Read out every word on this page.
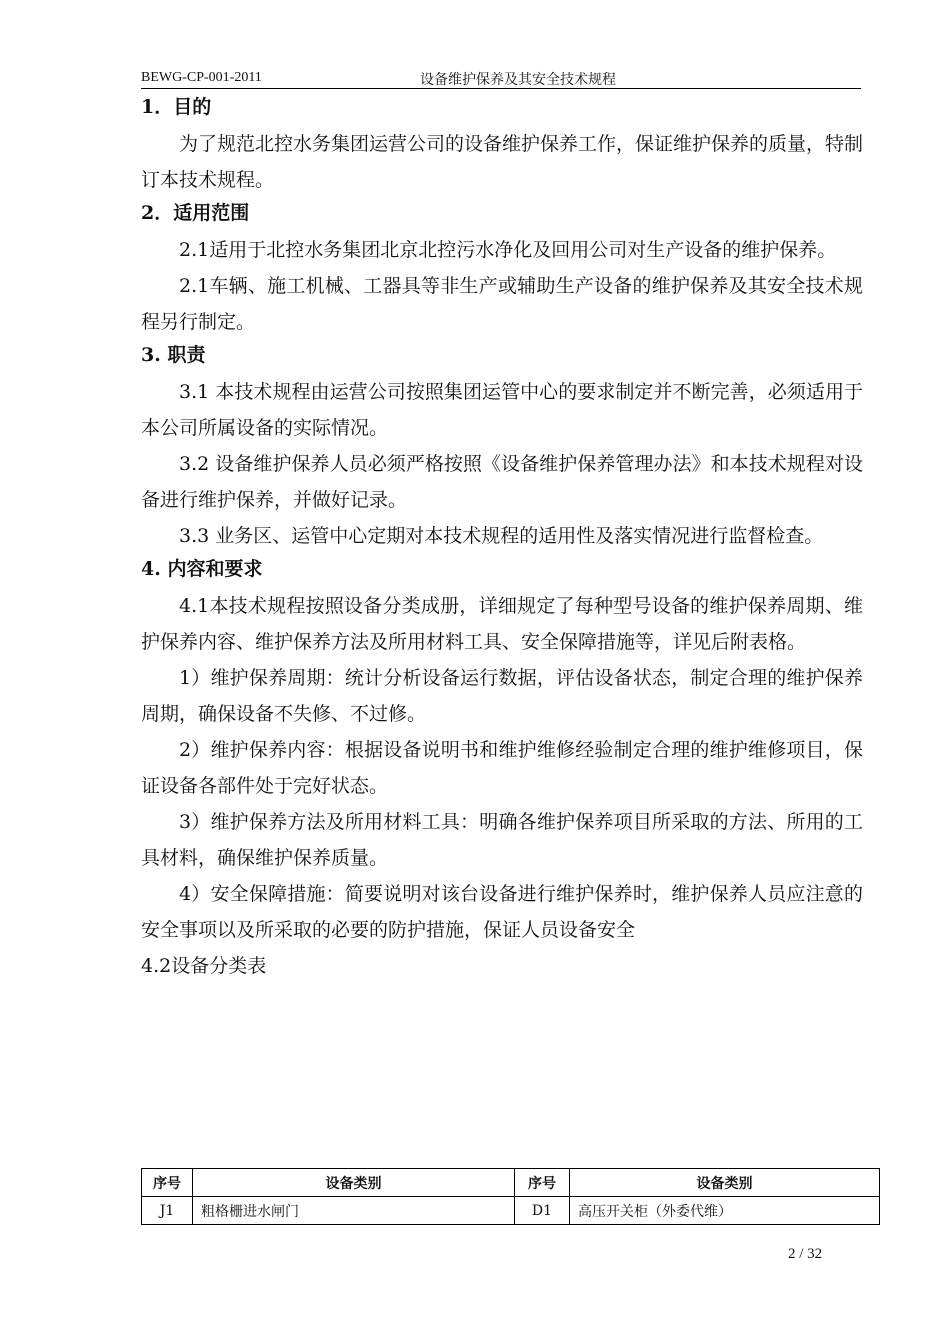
BEWG-CP-001-2011	设备维护保养及其安全技术规程
1．目的
为了规范北控水务集团运营公司的设备维护保养工作，保证维护保养的质量，特制订本技术规程。
2．适用范围
2.1适用于北控水务集团北京北控污水净化及回用公司对生产设备的维护保养。
2.1车辆、施工机械、工器具等非生产或辅助生产设备的维护保养及其安全技术规程另行制定。
3. 职责
3.1 本技术规程由运营公司按照集团运管中心的要求制定并不断完善，必须适用于本公司所属设备的实际情况。
3.2 设备维护保养人员必须严格按照《设备维护保养管理办法》和本技术规程对设备进行维护保养，并做好记录。
3.3 业务区、运管中心定期对本技术规程的适用性及落实情况进行监督检查。
4. 内容和要求
4.1本技术规程按照设备分类成册，详细规定了每种型号设备的维护保养周期、维护保养内容、维护保养方法及所用材料工具、安全保障措施等，详见后附表格。
1）维护保养周期：统计分析设备运行数据，评估设备状态，制定合理的维护保养周期，确保设备不失修、不过修。
2）维护保养内容：根据设备说明书和维护维修经验制定合理的维护维修项目，保证设备各部件处于完好状态。
3）维护保养方法及所用材料工具：明确各维护保养项目所采取的方法、所用的工具材料，确保维护保养质量。
4）安全保障措施：简要说明对该台设备进行维护保养时，维护保养人员应注意的安全事项以及所采取的必要的防护措施，保证人员设备安全
4.2设备分类表
序号	设备类别	序号	设备类别
J1	粗格栅进水闸门	D1	高压开关柜（外委代维）
2 / 32
